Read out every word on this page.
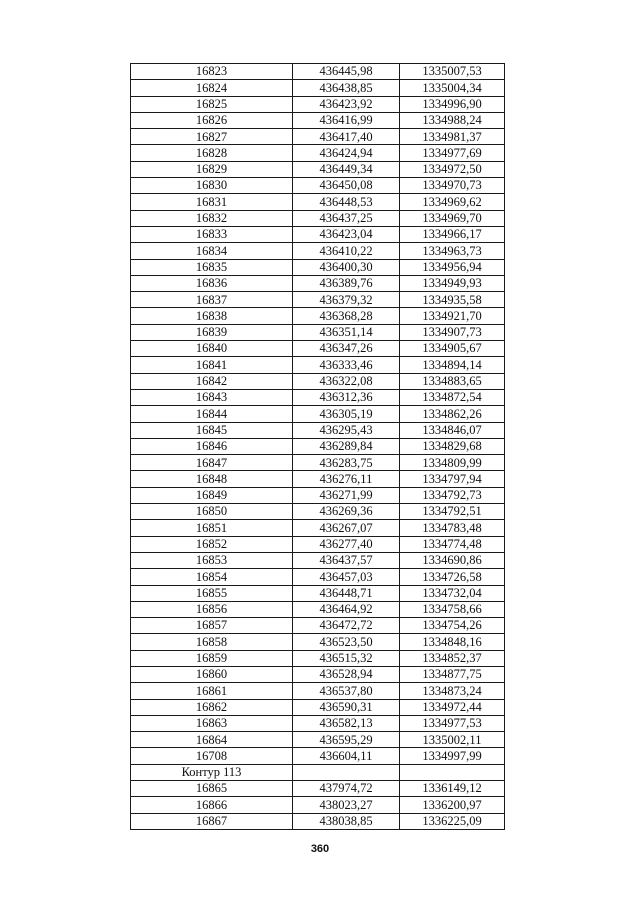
16823	436445,98	1335007,53
16824	436438,85	1335004,34
16825	436423,92	1334996,90
16826	436416,99	1334988,24
16827	436417,40	1334981,37
16828	436424,94	1334977,69
16829	436449,34	1334972,50
16830	436450,08	1334970,73
16831	436448,53	1334969,62
16832	436437,25	1334969,70
16833	436423,04	1334966,17
16834	436410,22	1334963,73
16835	436400,30	1334956,94
16836	436389,76	1334949,93
16837	436379,32	1334935,58
16838	436368,28	1334921,70
16839	436351,14	1334907,73
16840	436347,26	1334905,67
16841	436333,46	1334894,14
16842	436322,08	1334883,65
16843	436312,36	1334872,54
16844	436305,19	1334862,26
16845	436295,43	1334846,07
16846	436289,84	1334829,68
16847	436283,75	1334809,99
16848	436276,11	1334797,94
16849	436271,99	1334792,73
16850	436269,36	1334792,51
16851	436267,07	1334783,48
16852	436277,40	1334774,48
16853	436437,57	1334690,86
16854	436457,03	1334726,58
16855	436448,71	1334732,04
16856	436464,92	1334758,66
16857	436472,72	1334754,26
16858	436523,50	1334848,16
16859	436515,32	1334852,37
16860	436528,94	1334877,75
16861	436537,80	1334873,24
16862	436590,31	1334972,44
16863	436582,13	1334977,53
16864	436595,29	1335002,11
16708	436604,11	1334997,99
Контур 113		
16865	437974,72	1336149,12
16866	438023,27	1336200,97
16867	438038,85	1336225,09
360
